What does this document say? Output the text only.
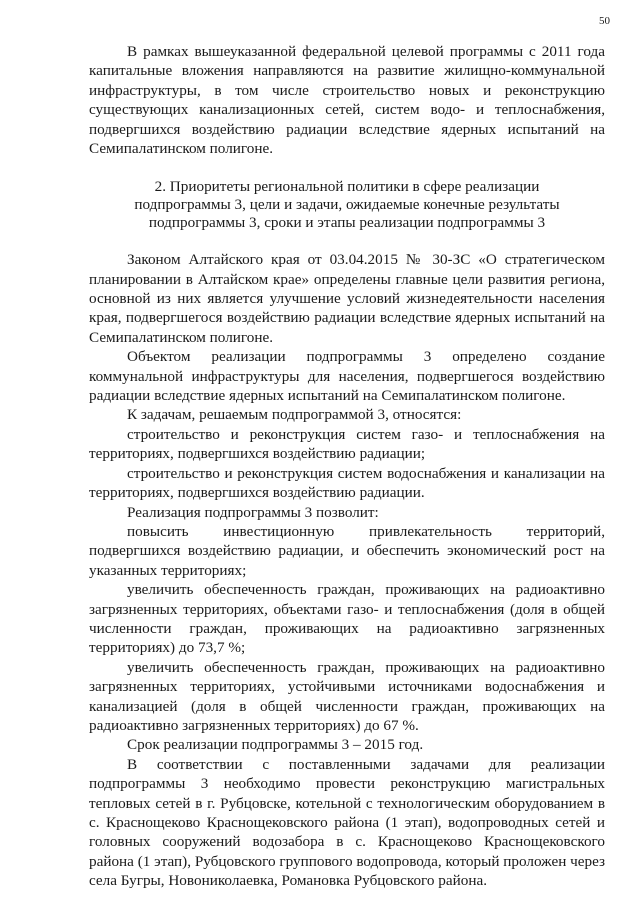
50

В рамках вышеуказанной федеральной целевой программы с 2011 года капитальные вложения направляются на развитие жилищно-коммунальной инфраструктуры, в том числе строительство новых и реконструкцию существующих канализационных сетей, систем водо- и теплоснабжения, подвергшихся воздействию радиации вследствие ядерных испытаний на Семипалатинском полигоне.

2. Приоритеты региональной политики в сфере реализации
подпрограммы 3, цели и задачи, ожидаемые конечные результаты
подпрограммы 3, сроки и этапы реализации подпрограммы 3

Законом Алтайского края от 03.04.2015 № 30-ЗС «О стратегическом планировании в Алтайском крае» определены главные цели развития региона, основной из них является улучшение условий жизнедеятельности населения края, подвергшегося воздействию радиации вследствие ядерных испытаний на Семипалатинском полигоне.

Объектом реализации подпрограммы 3 определено создание коммунальной инфраструктуры для населения, подвергшегося воздействию радиации вследствие ядерных испытаний на Семипалатинском полигоне.

К задачам, решаемым подпрограммой 3, относятся:

строительство и реконструкция систем газо- и теплоснабжения на территориях, подвергшихся воздействию радиации;

строительство и реконструкция систем водоснабжения и канализации на территориях, подвергшихся воздействию радиации.

Реализация подпрограммы 3 позволит:

повысить инвестиционную привлекательность территорий, подвергшихся воздействию радиации, и обеспечить экономический рост на указанных территориях;

увеличить обеспеченность граждан, проживающих на радиоактивно загрязненных территориях, объектами газо- и теплоснабжения (доля в общей численности граждан, проживающих на радиоактивно загрязненных территориях) до 73,7 %;

увеличить обеспеченность граждан, проживающих на радиоактивно загрязненных территориях, устойчивыми источниками водоснабжения и канализацией (доля в общей численности граждан, проживающих на радиоактивно загрязненных территориях) до 67 %.

Срок реализации подпрограммы 3 – 2015 год.

В соответствии с поставленными задачами для реализации подпрограммы 3 необходимо провести реконструкцию магистральных тепловых сетей в г. Рубцовске, котельной с технологическим оборудованием в с. Краснощеково Краснощековского района (1 этап), водопроводных сетей и головных сооружений водозабора в с. Краснощеково Краснощековского района (1 этап), Рубцовского группового водопровода, который проложен через села Бугры, Новониколаевка, Романовка Рубцовского района.
